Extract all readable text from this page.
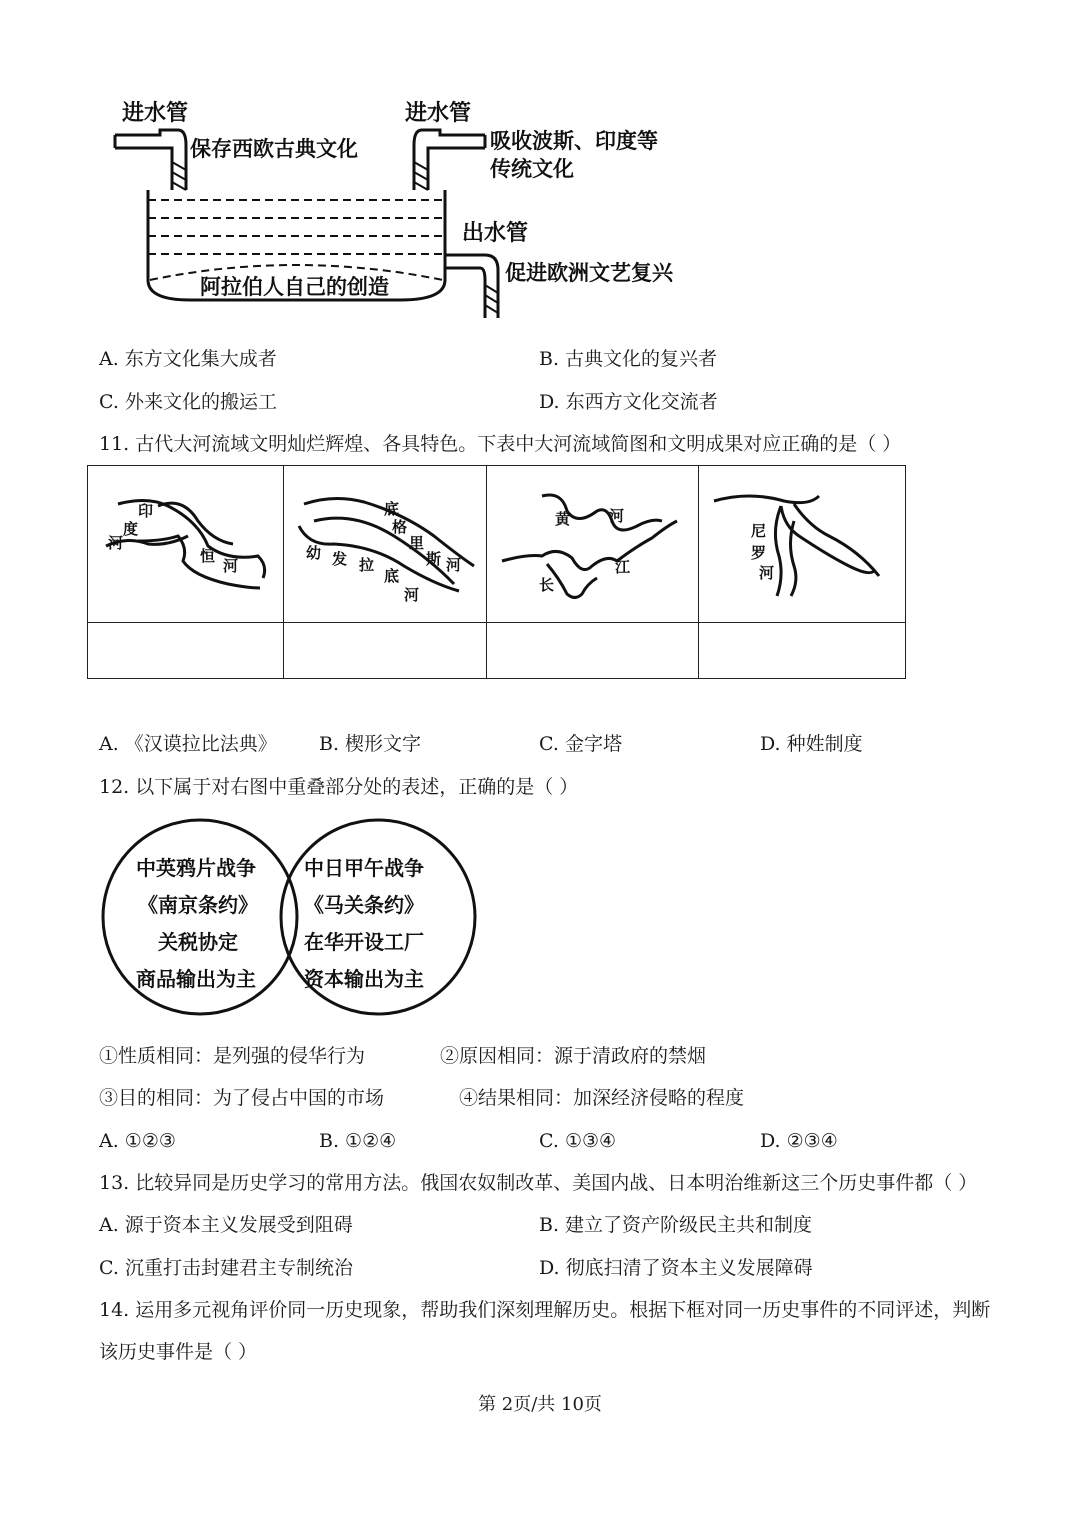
进水管
保存西欧古典文化
进水管
吸收波斯、印度等
传统文化
出水管
促进欧洲文艺复兴
阿拉伯人自己的创造
A. 东方文化集大成者	B. 古典文化的复兴者
C. 外来文化的搬运工	D. 东西方文化交流者
11. 古代大河流域文明灿烂辉煌、各具特色。下表中大河流域简图和文明成果对应正确的是（ ）
印
度
河
恒
河
底
格
里
斯 河
幼 发 拉
底
河
黄	河
长
江
尼
罗
河
A. 《汉谟拉比法典》 B. 楔形文字	C. 金字塔	D. 种姓制度
12. 以下属于对右图中重叠部分处的表述，正确的是（ ）
中英鸦片战争
《南京条约》
关税协定
商品输出为主
中日甲午战争
《马关条约》
在华开设工厂
资本输出为主
①性质相同：是列强的侵华行为	②原因相同：源于清政府的禁烟
③目的相同：为了侵占中国的市场	④结果相同：加深经济侵略的程度
A. ①②③	B. ①②④	C. ①③④	D. ②③④
13. 比较异同是历史学习的常用方法。俄国农奴制改革、美国内战、日本明治维新这三个历史事件都（ ）
A. 源于资本主义发展受到阻碍	B. 建立了资产阶级民主共和制度
C. 沉重打击封建君主专制统治	D. 彻底扫清了资本主义发展障碍
14. 运用多元视角评价同一历史现象，帮助我们深刻理解历史。根据下框对同一历史事件的不同评述，判断
该历史事件是（ ）
第 2页/共 10页
